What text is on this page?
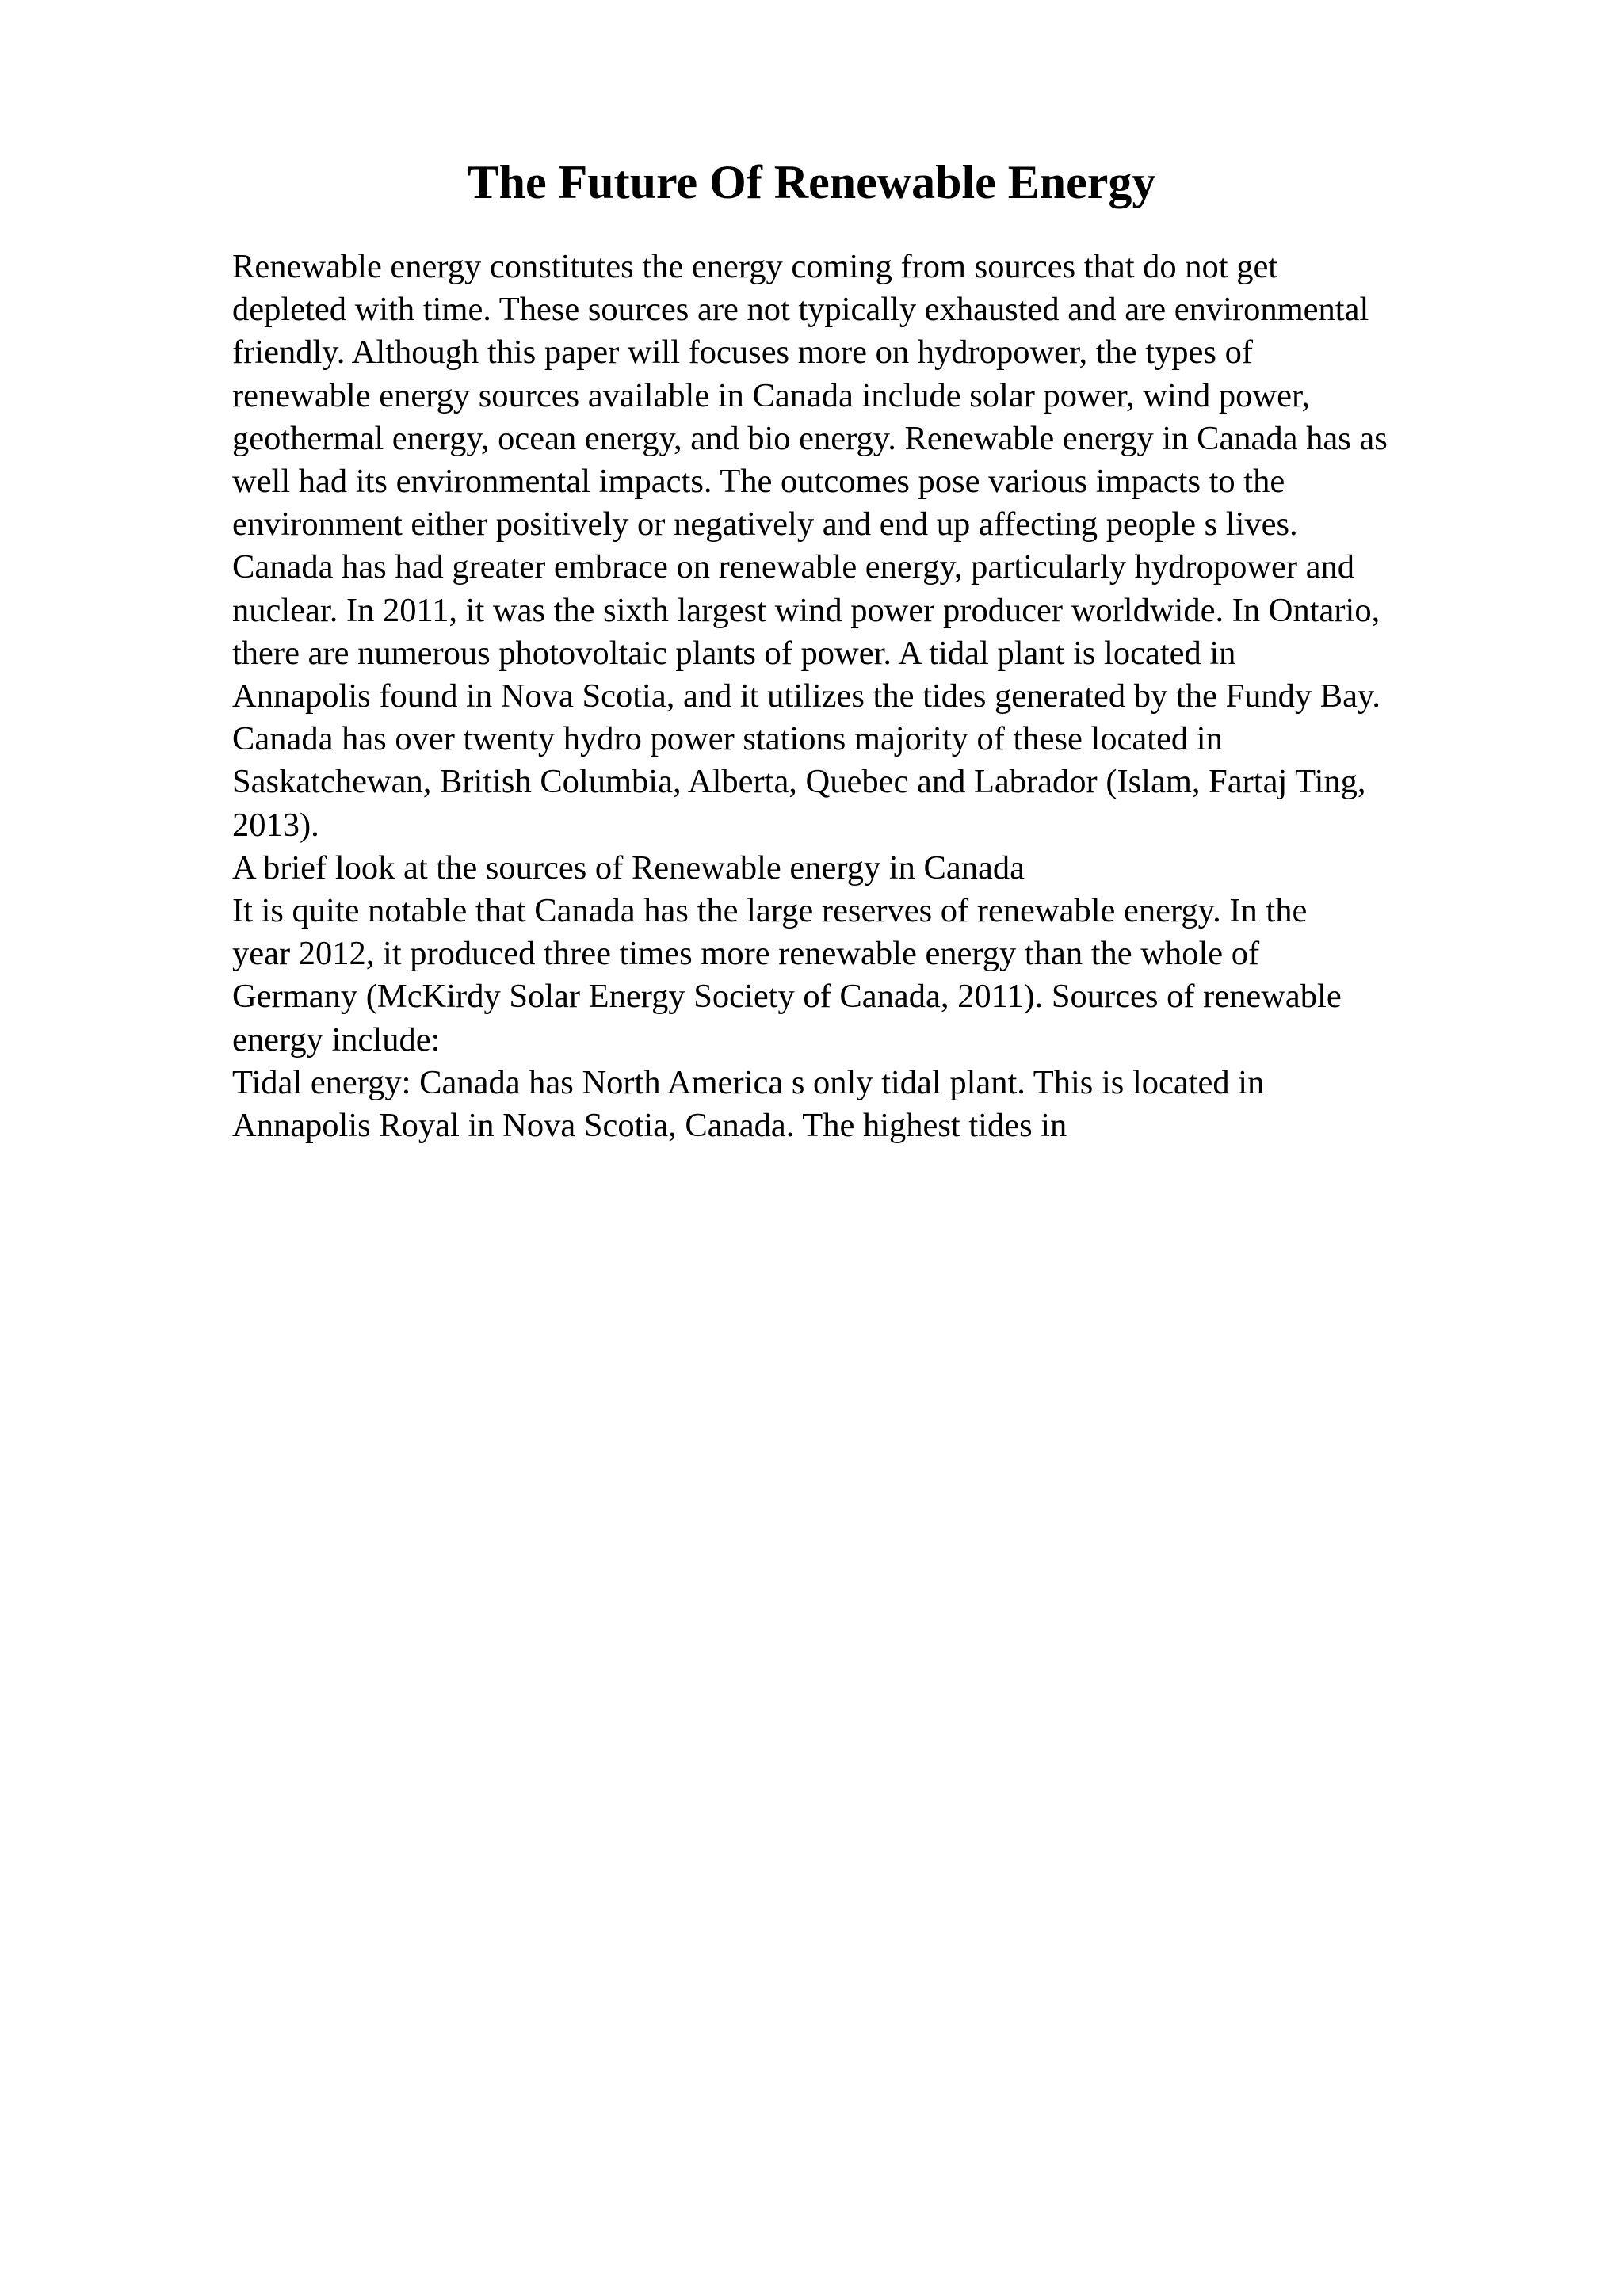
The Future Of Renewable Energy
Renewable energy constitutes the energy coming from sources that do not get
depleted with time. These sources are not typically exhausted and are environmental
friendly. Although this paper will focuses more on hydropower, the types of
renewable energy sources available in Canada include solar power, wind power,
geothermal energy, ocean energy, and bio energy. Renewable energy in Canada has as
well had its environmental impacts. The outcomes pose various impacts to the
environment either positively or negatively and end up affecting people s lives.
Canada has had greater embrace on renewable energy, particularly hydropower and
nuclear. In 2011, it was the sixth largest wind power producer worldwide. In Ontario,
there are numerous photovoltaic plants of power. A tidal plant is located in
Annapolis found in Nova Scotia, and it utilizes the tides generated by the Fundy Bay.
Canada has over twenty hydro power stations majority of these located in
Saskatchewan, British Columbia, Alberta, Quebec and Labrador (Islam, Fartaj Ting,
2013).
A brief look at the sources of Renewable energy in Canada
It is quite notable that Canada has the large reserves of renewable energy. In the
year 2012, it produced three times more renewable energy than the whole of
Germany (McKirdy Solar Energy Society of Canada, 2011). Sources of renewable
energy include:
Tidal energy: Canada has North America s only tidal plant. This is located in
Annapolis Royal in Nova Scotia, Canada. The highest tides in
